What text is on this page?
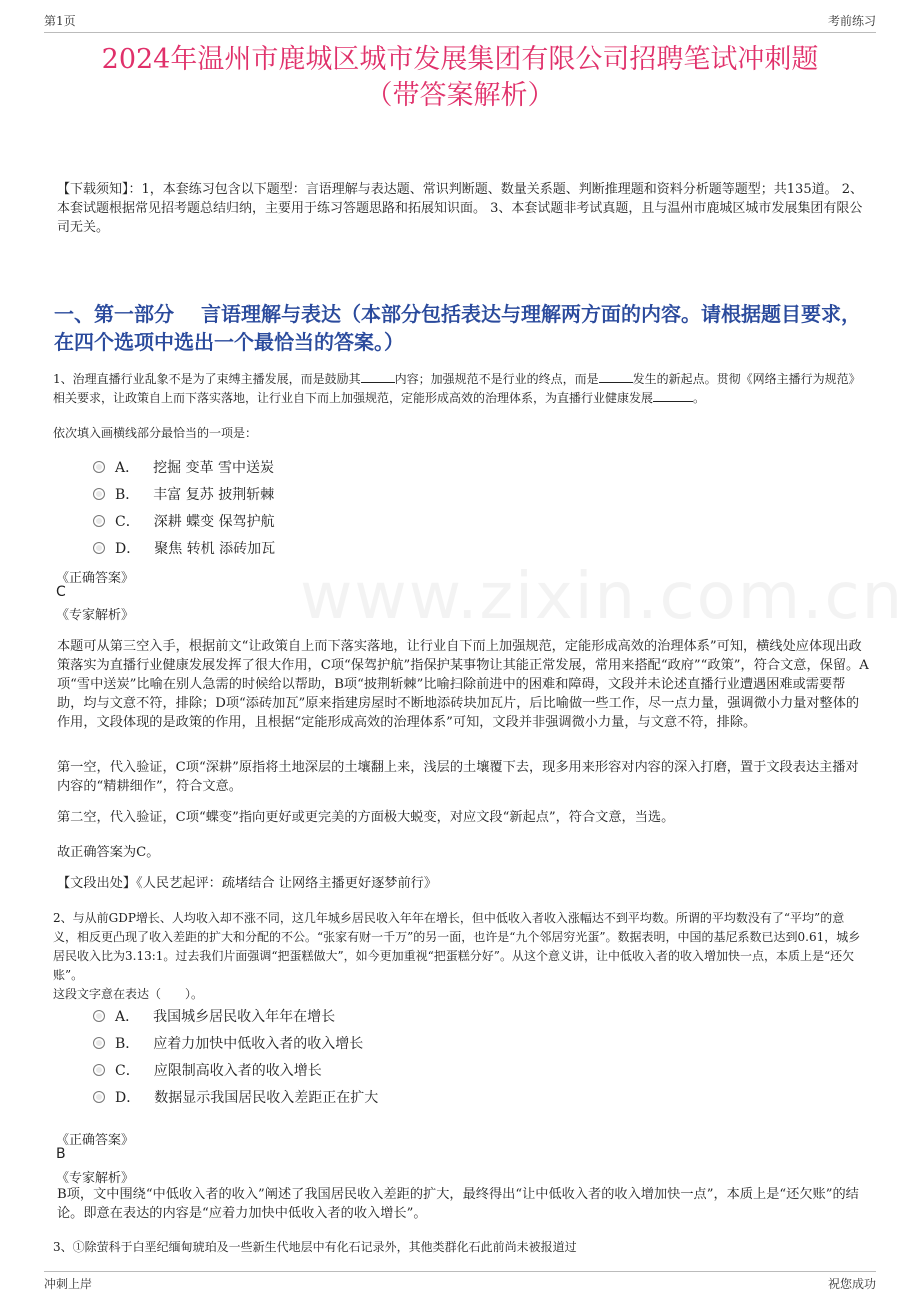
第1页	考前练习
2024年温州市鹿城区城市发展集团有限公司招聘笔试冲刺题
（带答案解析）

【下载须知】：1，本套练习包含以下题型：言语理解与表达题、常识判断题、数量关系题、判断推理题和资料分析题等题型；共135道。 2、本套试题根据常见招考题总结归纳，主要用于练习答题思路和拓展知识面。 3、本套试题非考试真题，且与温州市鹿城区城市发展集团有限公司无关。

一、第一部分　 言语理解与表达（本部分包括表达与理解两方面的内容。请根据题目要求，在四个选项中选出一个最恰当的答案。）
www.zixin.com.cn

1、治理直播行业乱象不是为了束缚主播发展，而是鼓励其	内容；加强规范不是行业的终点，而是	发生的新起点。贯彻《网络主播行为规范》相关要求，让政策自上而下落实落地，让行业自下而上加强规范，定能形成高效的治理体系，为直播行业健康发展	。

依次填入画横线部分最恰当的一项是：

A． 挖掘 变革 雪中送炭
B． 丰富 复苏 披荆斩棘
C． 深耕 蝶变 保驾护航
D． 聚焦 转机 添砖加瓦
《正确答案》
C
《专家解析》

本题可从第三空入手，根据前文“让政策自上而下落实落地，让行业自下而上加强规范，定能形成高效的治理体系”可知，横线处应体现出政策落实为直播行业健康发展发挥了很大作用，C项“保驾护航”指保护某事物让其能正常发展，常用来搭配“政府”“政策”，符合文意，保留。A项“雪中送炭”比喻在别人急需的时候给以帮助，B项“披荆斩棘”比喻扫除前进中的困难和障碍，文段并未论述直播行业遭遇困难或需要帮助，均与文意不符，排除；D项“添砖加瓦”原来指建房屋时不断地添砖块加瓦片，后比喻做一些工作，尽一点力量，强调微小力量对整体的作用，文段体现的是政策的作用，且根据“定能形成高效的治理体系”可知，文段并非强调微小力量，与文意不符，排除。

第一空，代入验证，C项“深耕”原指将土地深层的土壤翻上来，浅层的土壤覆下去，现多用来形容对内容的深入打磨，置于文段表达主播对内容的“精耕细作”，符合文意。

第二空，代入验证，C项“蝶变”指向更好或更完美的方面极大蜕变，对应文段“新起点”，符合文意，当选。

故正确答案为C。

【文段出处】《人民艺起评：疏堵结合 让网络主播更好逐梦前行》

2、与从前GDP增长、人均收入却不涨不同，这几年城乡居民收入年年在增长，但中低收入者收入涨幅达不到平均数。所谓的平均数没有了“平均”的意义，相反更凸现了收入差距的扩大和分配的不公。“张家有财一千万”的另一面，也许是“九个邻居穷光蛋”。数据表明，中国的基尼系数已达到0.61，城乡居民收入比为3.13:1。过去我们片面强调“把蛋糕做大”，如今更加重视“把蛋糕分好”。从这个意义讲，让中低收入者的收入增加快一点，本质上是“还欠账”。

这段文字意在表达（　　）。

A． 我国城乡居民收入年年在增长
B． 应着力加快中低收入者的收入增长
C． 应限制高收入者的收入增长
D． 数据显示我国居民收入差距正在扩大
《正确答案》
B
《专家解析》

B项，文中围绕“中低收入者的收入”阐述了我国居民收入差距的扩大，最终得出“让中低收入者的收入增加快一点”，本质上是“还欠账”的结论。即意在表达的内容是“应着力加快中低收入者的收入增长”。

3、①除萤科于白垩纪缅甸琥珀及一些新生代地层中有化石记录外，其他类群化石此前尚未被报道过

冲刺上岸	祝您成功
